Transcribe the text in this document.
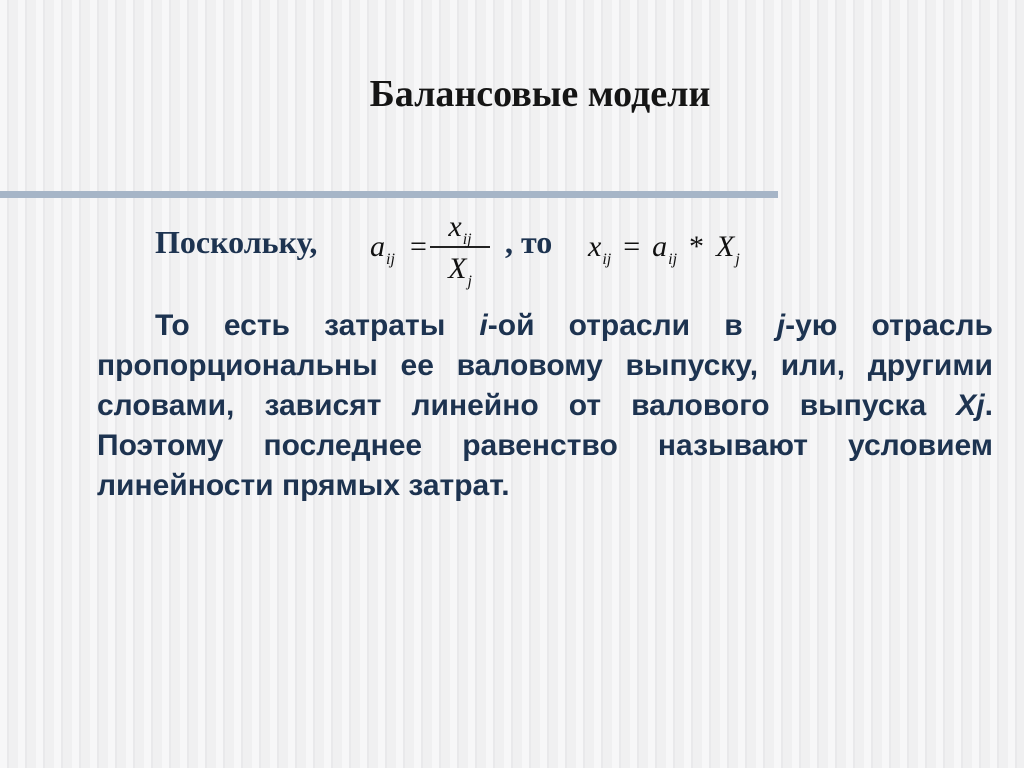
Балансовые модели
Поскольку, aij =
xij
Xj
, то xij = aij * Xj
То есть затраты i-ой отрасли в j-ую отрасль пропорциональны ее валовому выпуску, или, другими словами, зависят линейно от валового выпуска Xj. Поэтому последнее равенство называют условием линейности прямых затрат.
